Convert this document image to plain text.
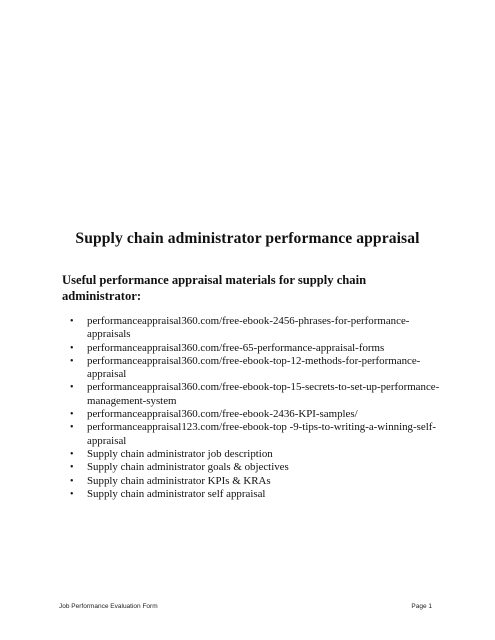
Supply chain administrator performance appraisal

Useful performance appraisal materials for supply chain administrator:

• performanceappraisal360.com/free-ebook-2456-phrases-for-performance-appraisals
• performanceappraisal360.com/free-65-performance-appraisal-forms
• performanceappraisal360.com/free-ebook-top-12-methods-for-performance-appraisal
• performanceappraisal360.com/free-ebook-top-15-secrets-to-set-up-performance-management-system
• performanceappraisal360.com/free-ebook-2436-KPI-samples/
• performanceappraisal123.com/free-ebook-top -9-tips-to-writing-a-winning-self-appraisal
• Supply chain administrator job description
• Supply chain administrator goals & objectives
• Supply chain administrator KPIs & KRAs
• Supply chain administrator self appraisal
Job Performance Evaluation Form	Page 1
